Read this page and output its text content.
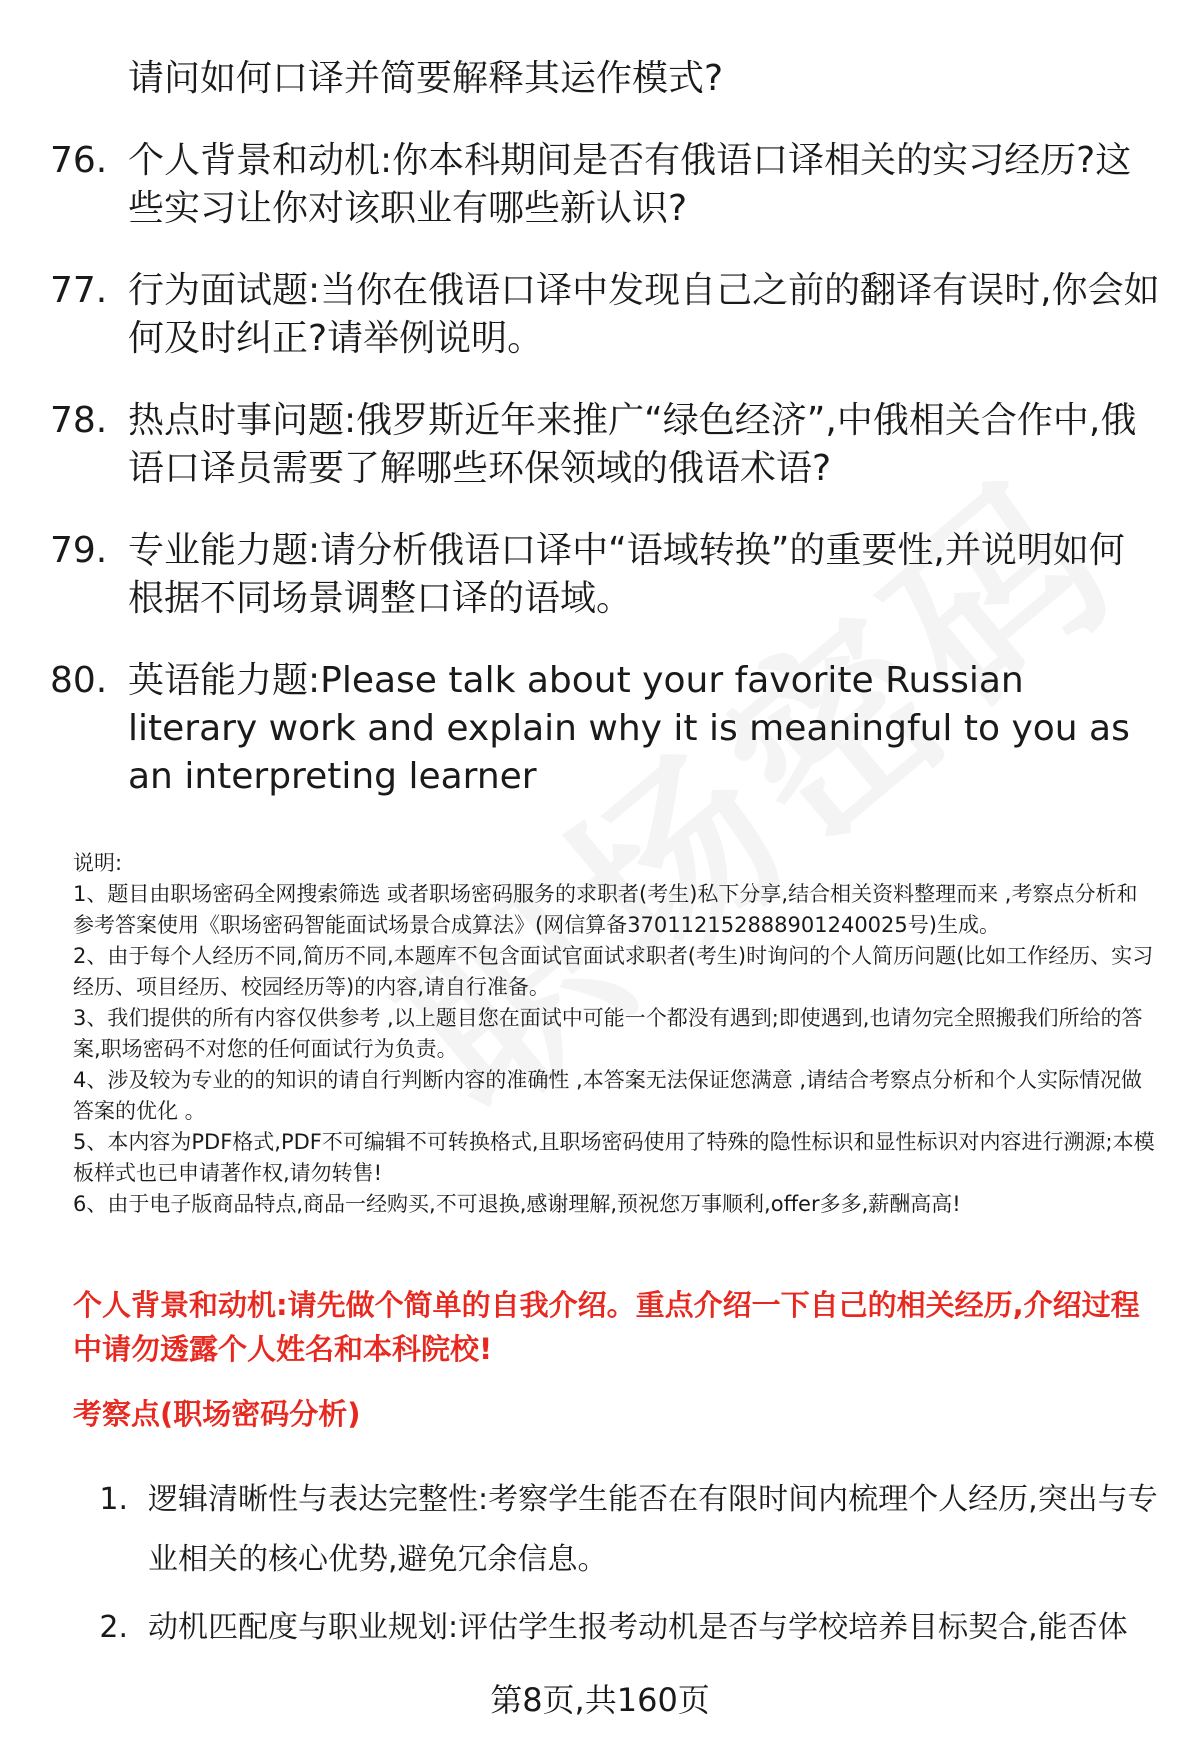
请问如何口译并简要解释其运作模式?

76. 个人背景和动机:你本科期间是否有俄语口译相关的实习经历?这些实习让你对该职业有哪些新认识?
77. 行为面试题:当你在俄语口译中发现自己之前的翻译有误时,你会如何及时纠正?请举例说明。
78. 热点时事问题:俄罗斯近年来推广“绿色经济”,中俄相关合作中,俄语口译员需要了解哪些环保领域的俄语术语?
79. 专业能力题:请分析俄语口译中“语域转换”的重要性,并说明如何根据不同场景调整口译的语域。
80. 英语能力题:Please talk about your favorite Russian literary work and explain why it is meaningful to you as an interpreting learner

说明:

1、题目由职场密码全网搜索筛选 或者职场密码服务的求职者(考生)私下分享,结合相关资料整理而来 ,考察点分析和参考答案使用《职场密码智能面试场景合成算法》(网信算备370112152888901240025号)生成。

2、由于每个人经历不同,简历不同,本题库不包含面试官面试求职者(考生)时询问的个人简历问题(比如工作经历、实习经历、项目经历、校园经历等)的内容,请自行准备。

3、我们提供的所有内容仅供参考 ,以上题目您在面试中可能一个都没有遇到;即使遇到,也请勿完全照搬我们所给的答案,职场密码不对您的任何面试行为负责。

4、涉及较为专业的的知识的请自行判断内容的准确性 ,本答案无法保证您满意 ,请结合考察点分析和个人实际情况做答案的优化 。

5、本内容为PDF格式,PDF不可编辑不可转换格式,且职场密码使用了特殊的隐性标识和显性标识对内容进行溯源;本模板样式也已申请著作权,请勿转售!

6、由于电子版商品特点,商品一经购买,不可退换,感谢理解,预祝您万事顺利,offer多多,薪酬高高!

个人背景和动机:请先做个简单的自我介绍。重点介绍一下自己的相关经历,介绍过程中请勿透露个人姓名和本科院校!
考察点(职场密码分析)
1. 逻辑清晰性与表达完整性:考察学生能否在有限时间内梳理个人经历,突出与专业相关的核心优势,避免冗余信息。
2. 动机匹配度与职业规划:评估学生报考动机是否与学校培养目标契合,能否体
第8页,共160页
